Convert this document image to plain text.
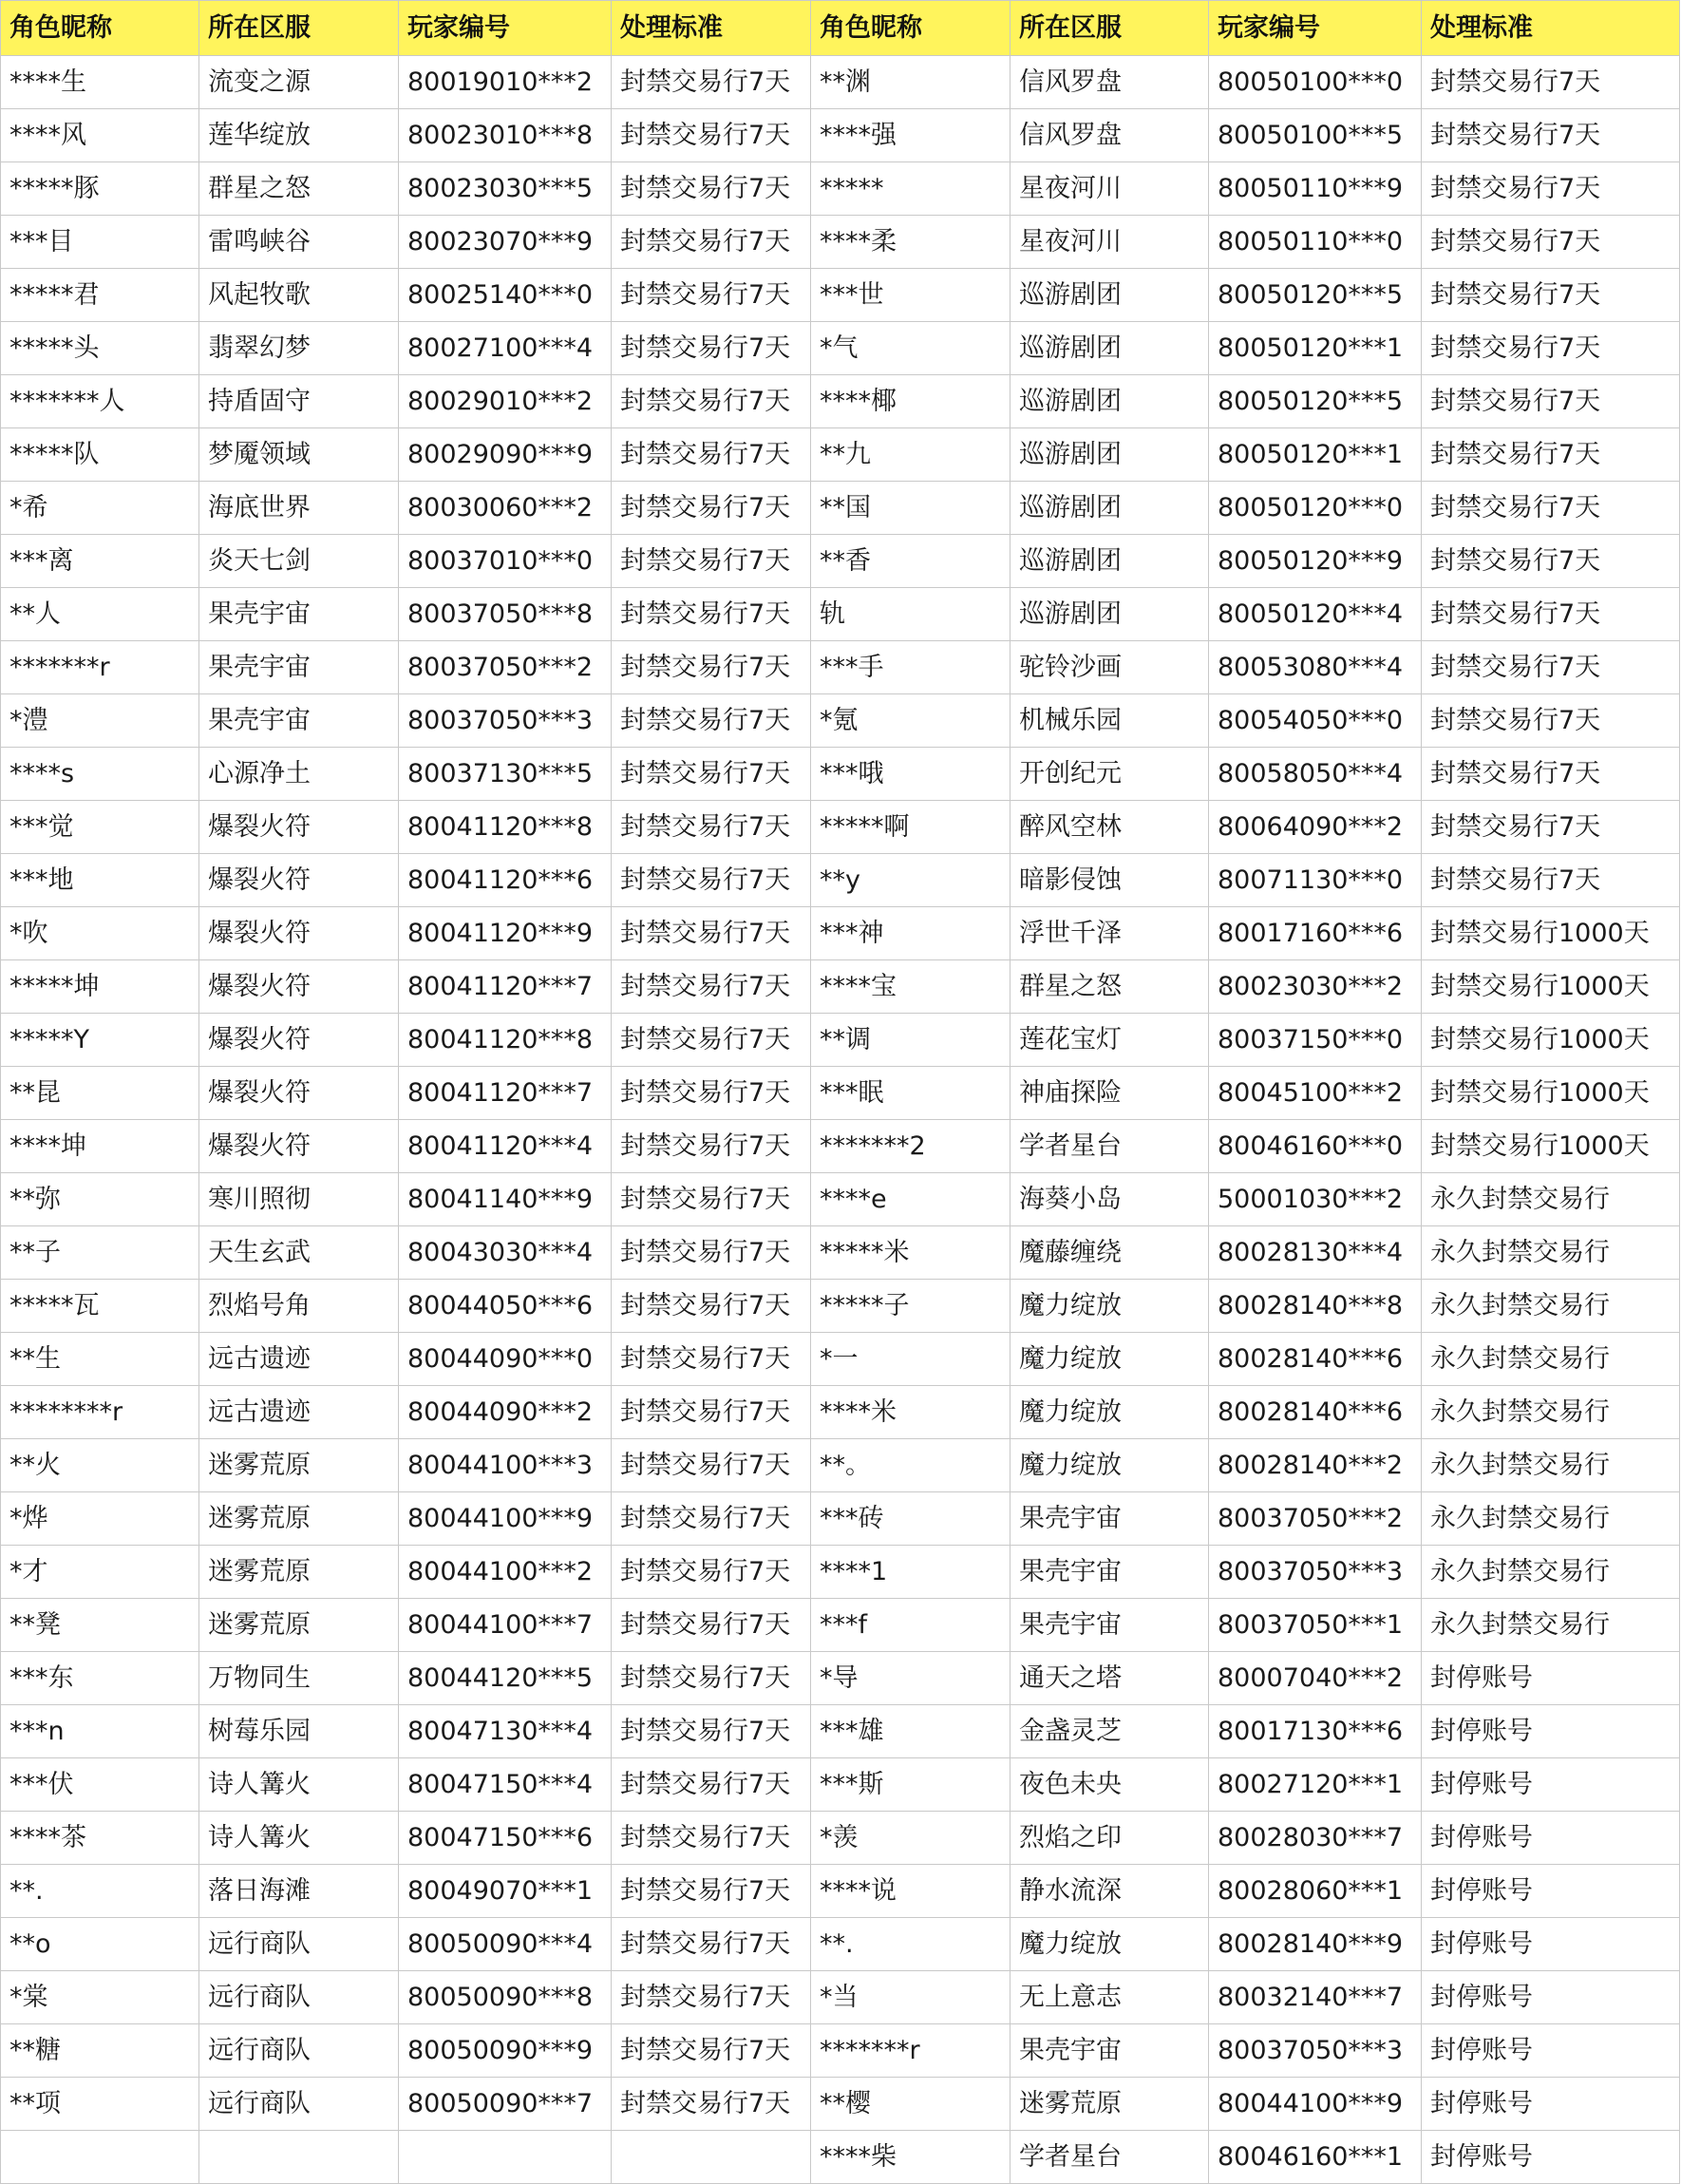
角色昵称	所在区服	玩家编号	处理标准	角色昵称	所在区服	玩家编号	处理标准
****生	流变之源	80019010***2	封禁交易行7天	**渊	信风罗盘	80050100***0	封禁交易行7天
****风	莲华绽放	80023010***8	封禁交易行7天	****强	信风罗盘	80050100***5	封禁交易行7天
*****豚	群星之怒	80023030***5	封禁交易行7天	*****	星夜河川	80050110***9	封禁交易行7天
***目	雷鸣峡谷	80023070***9	封禁交易行7天	****柔	星夜河川	80050110***0	封禁交易行7天
*****君	风起牧歌	80025140***0	封禁交易行7天	***世	巡游剧团	80050120***5	封禁交易行7天
*****头	翡翠幻梦	80027100***4	封禁交易行7天	*气	巡游剧团	80050120***1	封禁交易行7天
*******人	持盾固守	80029010***2	封禁交易行7天	****椰	巡游剧团	80050120***5	封禁交易行7天
*****队	梦魇领域	80029090***9	封禁交易行7天	**九	巡游剧团	80050120***1	封禁交易行7天
*希	海底世界	80030060***2	封禁交易行7天	**国	巡游剧团	80050120***0	封禁交易行7天
***离	炎天七剑	80037010***0	封禁交易行7天	**香	巡游剧团	80050120***9	封禁交易行7天
**人	果壳宇宙	80037050***8	封禁交易行7天	轨	巡游剧团	80050120***4	封禁交易行7天
*******r	果壳宇宙	80037050***2	封禁交易行7天	***手	驼铃沙画	80053080***4	封禁交易行7天
*澧	果壳宇宙	80037050***3	封禁交易行7天	*氪	机械乐园	80054050***0	封禁交易行7天
****s	心源净土	80037130***5	封禁交易行7天	***哦	开创纪元	80058050***4	封禁交易行7天
***觉	爆裂火符	80041120***8	封禁交易行7天	*****啊	醉风空林	80064090***2	封禁交易行7天
***地	爆裂火符	80041120***6	封禁交易行7天	**y	暗影侵蚀	80071130***0	封禁交易行7天
*吹	爆裂火符	80041120***9	封禁交易行7天	***神	浮世千泽	80017160***6	封禁交易行1000天
*****坤	爆裂火符	80041120***7	封禁交易行7天	****宝	群星之怒	80023030***2	封禁交易行1000天
*****Y	爆裂火符	80041120***8	封禁交易行7天	**调	莲花宝灯	80037150***0	封禁交易行1000天
**昆	爆裂火符	80041120***7	封禁交易行7天	***眠	神庙探险	80045100***2	封禁交易行1000天
****坤	爆裂火符	80041120***4	封禁交易行7天	*******2	学者星台	80046160***0	封禁交易行1000天
**弥	寒川照彻	80041140***9	封禁交易行7天	****e	海葵小岛	50001030***2	永久封禁交易行
**子	天生玄武	80043030***4	封禁交易行7天	*****米	魔藤缠绕	80028130***4	永久封禁交易行
*****瓦	烈焰号角	80044050***6	封禁交易行7天	*****子	魔力绽放	80028140***8	永久封禁交易行
**生	远古遗迹	80044090***0	封禁交易行7天	*一	魔力绽放	80028140***6	永久封禁交易行
********r	远古遗迹	80044090***2	封禁交易行7天	****米	魔力绽放	80028140***6	永久封禁交易行
**火	迷雾荒原	80044100***3	封禁交易行7天	**。	魔力绽放	80028140***2	永久封禁交易行
*烨	迷雾荒原	80044100***9	封禁交易行7天	***砖	果壳宇宙	80037050***2	永久封禁交易行
*才	迷雾荒原	80044100***2	封禁交易行7天	****1	果壳宇宙	80037050***3	永久封禁交易行
**凳	迷雾荒原	80044100***7	封禁交易行7天	***f	果壳宇宙	80037050***1	永久封禁交易行
***东	万物同生	80044120***5	封禁交易行7天	*导	通天之塔	80007040***2	封停账号
***n	树莓乐园	80047130***4	封禁交易行7天	***雄	金盏灵芝	80017130***6	封停账号
***伏	诗人篝火	80047150***4	封禁交易行7天	***斯	夜色未央	80027120***1	封停账号
****茶	诗人篝火	80047150***6	封禁交易行7天	*羡	烈焰之印	80028030***7	封停账号
**.	落日海滩	80049070***1	封禁交易行7天	****说	静水流深	80028060***1	封停账号
**o	远行商队	80050090***4	封禁交易行7天	**.	魔力绽放	80028140***9	封停账号
*棠	远行商队	80050090***8	封禁交易行7天	*当	无上意志	80032140***7	封停账号
**糖	远行商队	80050090***9	封禁交易行7天	*******r	果壳宇宙	80037050***3	封停账号
**项	远行商队	80050090***7	封禁交易行7天	**樱	迷雾荒原	80044100***9	封停账号
				****柴	学者星台	80046160***1	封停账号
